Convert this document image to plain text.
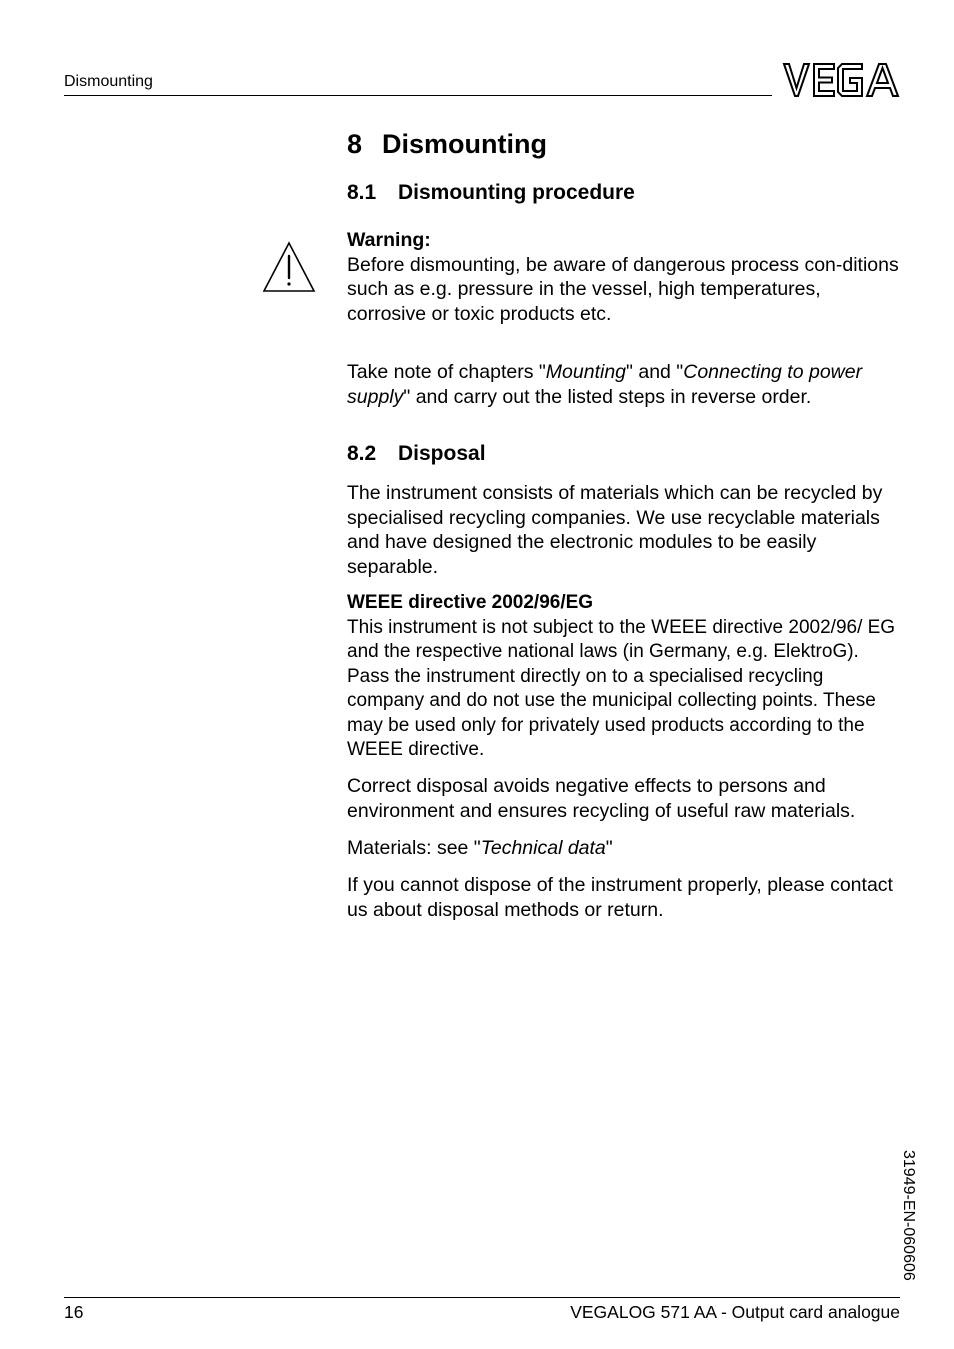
Dismounting
8 Dismounting
8.1 Dismounting procedure

Warning:

Before dismounting, be aware of dangerous process con-ditions such as e.g. pressure in the vessel, high temperatures, corrosive or toxic products etc.

Take note of chapters "Mounting" and "Connecting to power supply" and carry out the listed steps in reverse order.

8.2 Disposal

The instrument consists of materials which can be recycled by specialised recycling companies. We use recyclable materials and have designed the electronic modules to be easily separable.

WEEE directive 2002/96/EG

This instrument is not subject to the WEEE directive 2002/96/ EG and the respective national laws (in Germany, e.g. ElektroG). Pass the instrument directly on to a specialised recycling company and do not use the municipal collecting points. These may be used only for privately used products according to the WEEE directive.

Correct disposal avoids negative effects to persons and environment and ensures recycling of useful raw materials.

Materials: see "Technical data"

If you cannot dispose of the instrument properly, please contact us about disposal methods or return.

31949-EN-060606
16	VEGALOG 571 AA - Output card analogue
